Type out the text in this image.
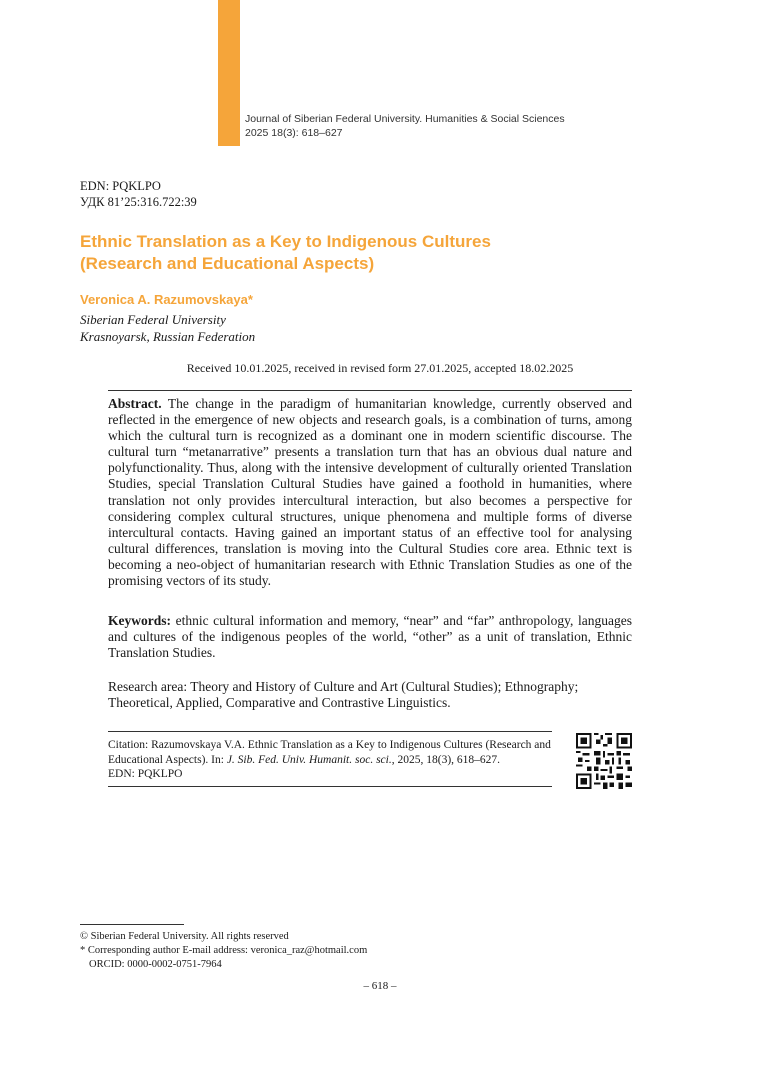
Journal of Siberian Federal University. Humanities & Social Sciences
2025 18(3): 618–627
EDN: PQKLPO
УДК 81’25:316.722:39
Ethnic Translation as a Key to Indigenous Cultures
(Research and Educational Aspects)
Veronica A. Razumovskaya*
Siberian Federal University
Krasnoyarsk, Russian Federation
Received 10.01.2025, received in revised form 27.01.2025, accepted 18.02.2025
Abstract. The change in the paradigm of humanitarian knowledge, currently observed and reflected in the emergence of new objects and research goals, is a combination of turns, among which the cultural turn is recognized as a dominant one in modern scientific discourse. The cultural turn “metanarrative” presents a translation turn that has an obvious dual nature and polyfunctionality. Thus, along with the intensive development of culturally oriented Translation Studies, special Translation Cultural Studies have gained a foothold in humanities, where translation not only provides intercultural interaction, but also becomes a perspective for considering complex cultural structures, unique phenomena and multiple forms of diverse intercultural contacts. Having gained an important status of an effective tool for analysing cultural differences, translation is moving into the Cultural Studies core area. Ethnic text is becoming a neo-object of humanitarian research with Ethnic Translation Studies as one of the promising vectors of its study.
Keywords: ethnic cultural information and memory, “near” and “far” anthropology, languages and cultures of the indigenous peoples of the world, “other” as a unit of translation, Ethnic Translation Studies.
Research area: Theory and History of Culture and Art (Cultural Studies); Ethnography; Theoretical, Applied, Comparative and Contrastive Linguistics.
Citation: Razumovskaya V.A. Ethnic Translation as a Key to Indigenous Cultures (Research and Educational Aspects). In: J. Sib. Fed. Univ. Humanit. soc. sci., 2025, 18(3), 618–627.
EDN: PQKLPO
© Siberian Federal University. All rights reserved
* Corresponding author E-mail address: veronica_raz@hotmail.com
ORCID: 0000-0002-0751-7964
– 618 –
